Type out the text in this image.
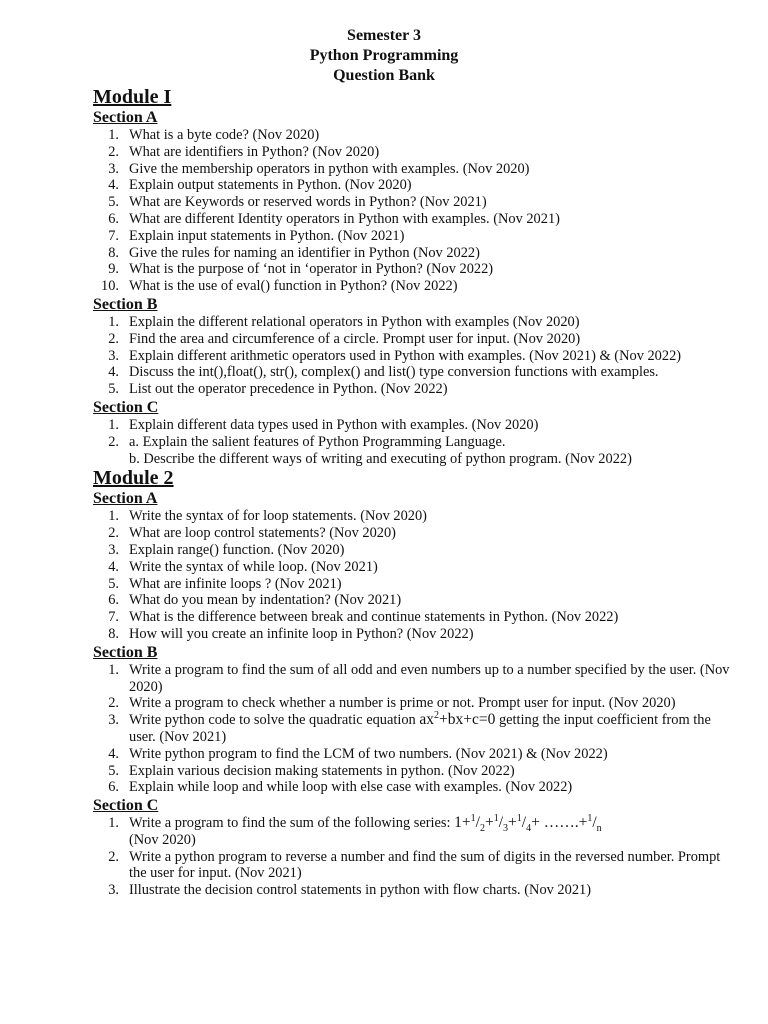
Semester 3
Python Programming
Question Bank
Module I
Section A
1. What is a byte code? (Nov 2020)
2. What are identifiers in Python? (Nov 2020)
3. Give the membership operators in python with examples. (Nov 2020)
4. Explain output statements in Python. (Nov 2020)
5. What are Keywords or reserved words in Python? (Nov 2021)
6. What are different Identity operators in Python with examples. (Nov 2021)
7. Explain input statements in Python. (Nov 2021)
8. Give the rules for naming an identifier in Python (Nov 2022)
9. What is the purpose of ‘not in ‘operator in Python? (Nov 2022)
10. What is the use of eval() function in Python? (Nov 2022)
Section B
1. Explain the different relational operators in Python with examples (Nov 2020)
2. Find the area and circumference of a circle. Prompt user for input. (Nov 2020)
3. Explain different arithmetic operators used in Python with examples. (Nov 2021) & (Nov 2022)
4. Discuss the int(),float(), str(), complex() and list() type conversion functions with examples.
5. List out the operator precedence in Python. (Nov 2022)
Section C
1. Explain different data types used in Python with examples. (Nov 2020)
2. a. Explain the salient features of Python Programming Language.
b. Describe the different ways of writing and executing of python program. (Nov 2022)
Module 2
Section A
1. Write the syntax of for loop statements. (Nov 2020)
2. What are loop control statements? (Nov 2020)
3. Explain range() function. (Nov 2020)
4. Write the syntax of while loop. (Nov 2021)
5. What are infinite loops ? (Nov 2021)
6. What do you mean by indentation? (Nov 2021)
7. What is the difference between break and continue statements in Python. (Nov 2022)
8. How will you create an infinite loop in Python? (Nov 2022)
Section B
1. Write a program to find the sum of all odd and even numbers up to a number specified by the user. (Nov 2020)
2. Write a program to check whether a number is prime or not. Prompt user for input. (Nov 2020)
3. Write python code to solve the quadratic equation $ax^2+bx+c=0$ getting the input coefficient from the user. (Nov 2021)
4. Write python program to find the LCM of two numbers. (Nov 2021) & (Nov 2022)
5. Explain various decision making statements in python. (Nov 2022)
6. Explain while loop and while loop with else case with examples. (Nov 2022)
Section C
1. Write a program to find the sum of the following series: $1+^1/_2+^1/_3+^1/_4+$ $\dots\dots.+^1/_n$
(Nov 2020)
2. Write a python program to reverse a number and find the sum of digits in the reversed number. Prompt the user for input. (Nov 2021)
3. Illustrate the decision control statements in python with flow charts. (Nov 2021)
